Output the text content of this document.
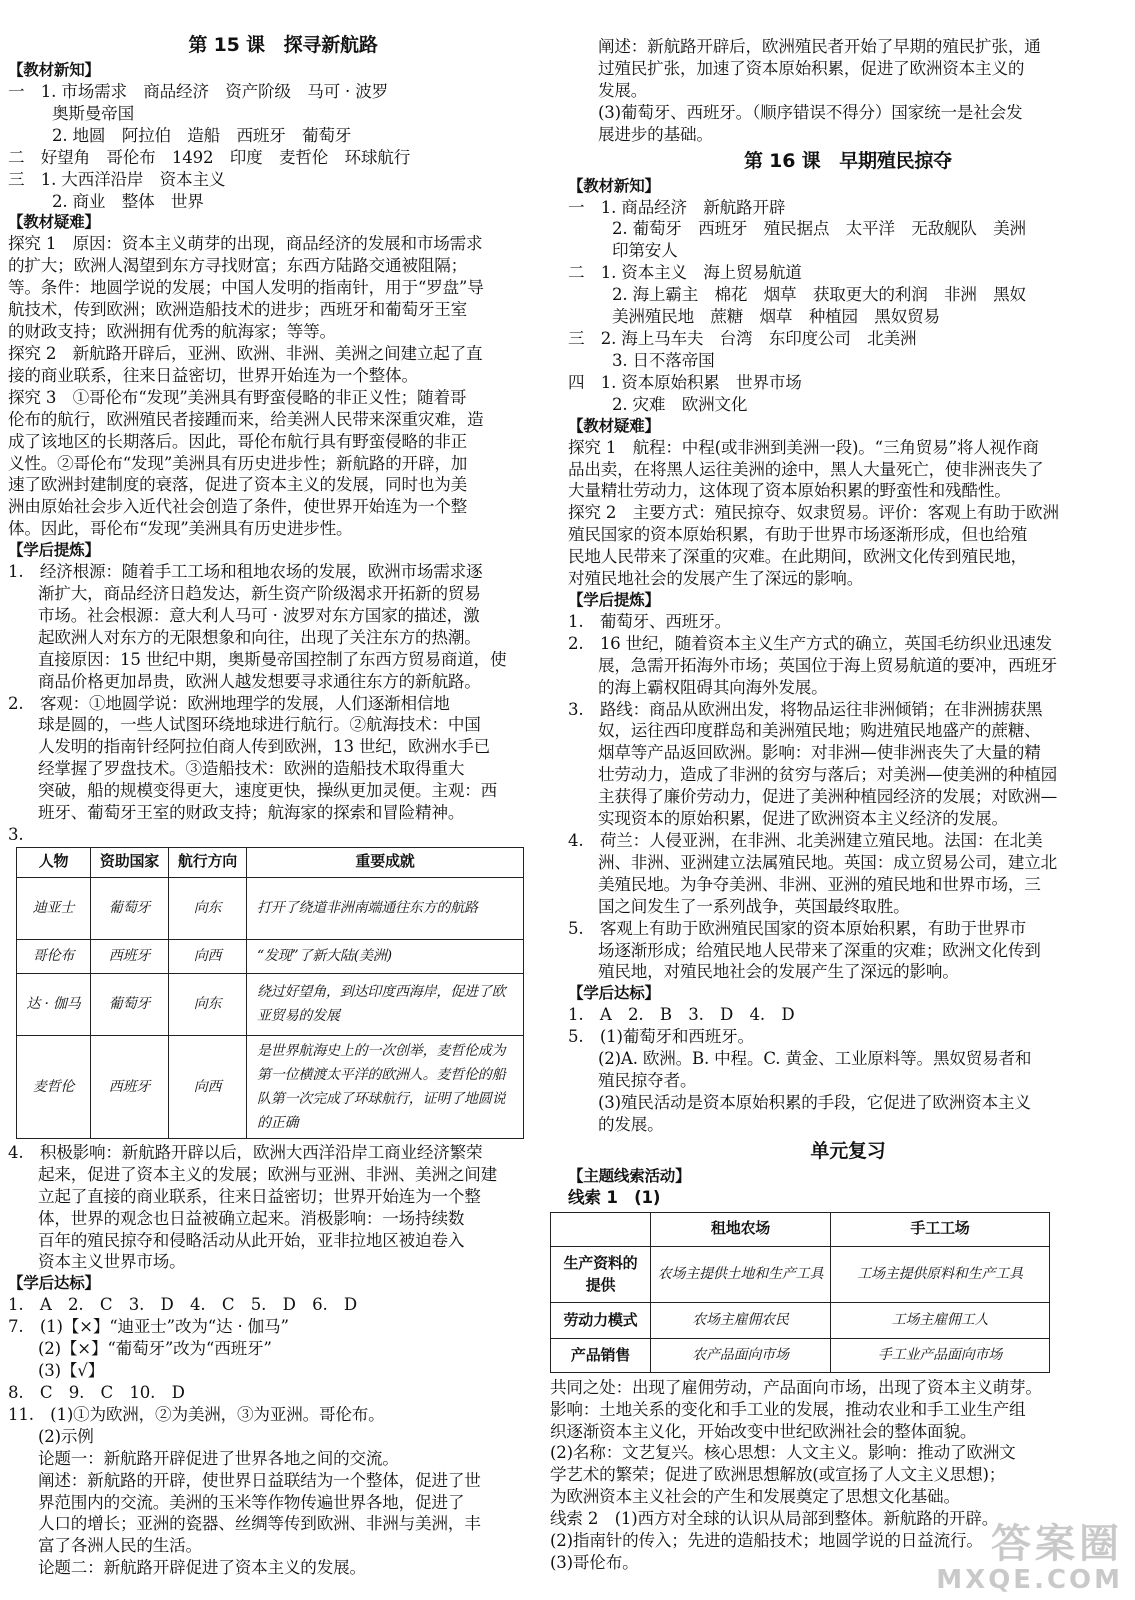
第 15 课　探寻新航路
【教材新知】
一　1. 市场需求　商品经济　资产阶级　马可 · 波罗
奥斯曼帝国
2. 地圆　阿拉伯　造船　西班牙　葡萄牙
二　好望角　哥伦布　1492　印度　麦哲伦　环球航行
三　1. 大西洋沿岸　资本主义
2. 商业　整体　世界
【教材疑难】
探究 1　原因：资本主义萌芽的出现，商品经济的发展和市场需求
的扩大；欧洲人渴望到东方寻找财富；东西方陆路交通被阻隔；
等。条件：地圆学说的发展；中国人发明的指南针，用于“罗盘”导
航技术，传到欧洲；欧洲造船技术的进步；西班牙和葡萄牙王室
的财政支持；欧洲拥有优秀的航海家；等等。
探究 2　新航路开辟后，亚洲、欧洲、非洲、美洲之间建立起了直
接的商业联系，往来日益密切，世界开始连为一个整体。
探究 3　①哥伦布“发现”美洲具有野蛮侵略的非正义性；随着哥
伦布的航行，欧洲殖民者接踵而来，给美洲人民带来深重灾难，造
成了该地区的长期落后。因此，哥伦布航行具有野蛮侵略的非正
义性。②哥伦布“发现”美洲具有历史进步性；新航路的开辟，加
速了欧洲封建制度的衰落，促进了资本主义的发展，同时也为美
洲由原始社会步入近代社会创造了条件，使世界开始连为一个整
体。因此，哥伦布“发现”美洲具有历史进步性。
【学后提炼】
1.　经济根源：随着手工工场和租地农场的发展，欧洲市场需求逐
渐扩大，商品经济日趋发达，新生资产阶级渴求开拓新的贸易
市场。社会根源：意大利人马可 · 波罗对东方国家的描述，激
起欧洲人对东方的无限想象和向往，出现了关注东方的热潮。
直接原因：15 世纪中期，奥斯曼帝国控制了东西方贸易商道，使
商品价格更加昂贵，欧洲人越发想要寻求通往东方的新航路。
2.　客观：①地圆学说：欧洲地理学的发展，人们逐渐相信地
球是圆的，一些人试图环绕地球进行航行。②航海技术：中国
人发明的指南针经阿拉伯商人传到欧洲，13 世纪，欧洲水手已
经掌握了罗盘技术。③造船技术：欧洲的造船技术取得重大
突破，船的规模变得更大，速度更快，操纵更加灵便。主观：西
班牙、葡萄牙王室的财政支持；航海家的探索和冒险精神。
3.
人物	资助国家	航行方向	重要成就
迪亚士	葡萄牙	向东	打开了绕道非洲南端通往东方的航路
哥伦布	西班牙	向西	“发现”了新大陆(美洲)
达 · 伽马	葡萄牙	向东	绕过好望角，到达印度西海岸，促进了欧亚贸易的发展
麦哲伦	西班牙	向西	是世界航海史上的一次创举，麦哲伦成为第一位横渡太平洋的欧洲人。麦哲伦的船队第一次完成了环球航行，证明了地圆说的正确
4.　积极影响：新航路开辟以后，欧洲大西洋沿岸工商业经济繁荣
起来，促进了资本主义的发展；欧洲与亚洲、非洲、美洲之间建
立起了直接的商业联系，往来日益密切；世界开始连为一个整
体，世界的观念也日益被确立起来。消极影响：一场持续数
百年的殖民掠夺和侵略活动从此开始，亚非拉地区被迫卷入
资本主义世界市场。
【学后达标】
1.　A　2.　C　3.　D　4.　C　5.　D　6.　D
7.　(1)【×】“迪亚士”改为“达 · 伽马”
(2)【×】“葡萄牙”改为“西班牙”
(3)【√】
8.　C　9.　C　10.　D
11.　(1)①为欧洲，②为美洲，③为亚洲。哥伦布。
(2)示例
论题一：新航路开辟促进了世界各地之间的交流。
阐述：新航路的开辟，使世界日益联结为一个整体，促进了世
界范围内的交流。美洲的玉米等作物传遍世界各地，促进了
人口的增长；亚洲的瓷器、丝绸等传到欧洲、非洲与美洲，丰
富了各洲人民的生活。
论题二：新航路开辟促进了资本主义的发展。
阐述：新航路开辟后，欧洲殖民者开始了早期的殖民扩张，通
过殖民扩张，加速了资本原始积累，促进了欧洲资本主义的
发展。
(3)葡萄牙、西班牙。（顺序错误不得分）国家统一是社会发
展进步的基础。
第 16 课　早期殖民掠夺
【教材新知】
一　1. 商品经济　新航路开辟
2. 葡萄牙　西班牙　殖民据点　太平洋　无敌舰队　美洲
印第安人
二　1. 资本主义　海上贸易航道
2. 海上霸主　棉花　烟草　获取更大的利润　非洲　黑奴
美洲殖民地　蔗糖　烟草　种植园　黑奴贸易
三　2. 海上马车夫　台湾　东印度公司　北美洲
3. 日不落帝国
四　1. 资本原始积累　世界市场
2. 灾难　欧洲文化
【教材疑难】
探究 1　航程：中程(或非洲到美洲一段)。“三角贸易”将人视作商
品出卖，在将黑人运往美洲的途中，黑人大量死亡，使非洲丧失了
大量精壮劳动力，这体现了资本原始积累的野蛮性和残酷性。
探究 2　主要方式：殖民掠夺、奴隶贸易。评价：客观上有助于欧洲
殖民国家的资本原始积累，有助于世界市场逐渐形成，但也给殖
民地人民带来了深重的灾难。在此期间，欧洲文化传到殖民地，
对殖民地社会的发展产生了深远的影响。
【学后提炼】
1.　葡萄牙、西班牙。
2.　16 世纪，随着资本主义生产方式的确立，英国毛纺织业迅速发
展，急需开拓海外市场；英国位于海上贸易航道的要冲，西班牙
的海上霸权阻碍其向海外发展。
3.　路线：商品从欧洲出发，将物品运往非洲倾销；在非洲掳获黑
奴，运往西印度群岛和美洲殖民地；购进殖民地盛产的蔗糖、
烟草等产品返回欧洲。影响：对非洲—使非洲丧失了大量的精
壮劳动力，造成了非洲的贫穷与落后；对美洲—使美洲的种植园
主获得了廉价劳动力，促进了美洲种植园经济的发展；对欧洲—
实现资本的原始积累，促进了欧洲资本主义经济的发展。
4.　荷兰：人侵亚洲，在非洲、北美洲建立殖民地。法国：在北美
洲、非洲、亚洲建立法属殖民地。英国：成立贸易公司，建立北
美殖民地。为争夺美洲、非洲、亚洲的殖民地和世界市场，三
国之间发生了一系列战争，英国最终取胜。
5.　客观上有助于欧洲殖民国家的资本原始积累，有助于世界市
场逐渐形成；给殖民地人民带来了深重的灾难；欧洲文化传到
殖民地，对殖民地社会的发展产生了深远的影响。
【学后达标】
1.　A　2.　B　3.　D　4.　D
5.　(1)葡萄牙和西班牙。
(2)A. 欧洲。B. 中程。C. 黄金、工业原料等。黑奴贸易者和
殖民掠夺者。
(3)殖民活动是资本原始积累的手段，它促进了欧洲资本主义
的发展。
单元复习
【主题线索活动】
线索 1　(1)
	租地农场	手工工场
生产资料的提供	农场主提供土地和生产工具	工场主提供原料和生产工具
劳动力模式	农场主雇佣农民	工场主雇佣工人
产品销售	农产品面向市场	手工业产品面向市场
共同之处：出现了雇佣劳动，产品面向市场，出现了资本主义萌芽。
影响：土地关系的变化和手工业的发展，推动农业和手工业生产组
织逐渐资本主义化，开始改变中世纪欧洲社会的整体面貌。
(2)名称：文艺复兴。核心思想：人文主义。影响：推动了欧洲文
学艺术的繁荣；促进了欧洲思想解放(或宣扬了人文主义思想)；
为欧洲资本主义社会的产生和发展奠定了思想文化基础。
线索 2　(1)西方对全球的认识从局部到整体。新航路的开辟。
(2)指南针的传入；先进的造船技术；地圆学说的日益流行。
(3)哥伦布。	答案圈
MXQE.COM
